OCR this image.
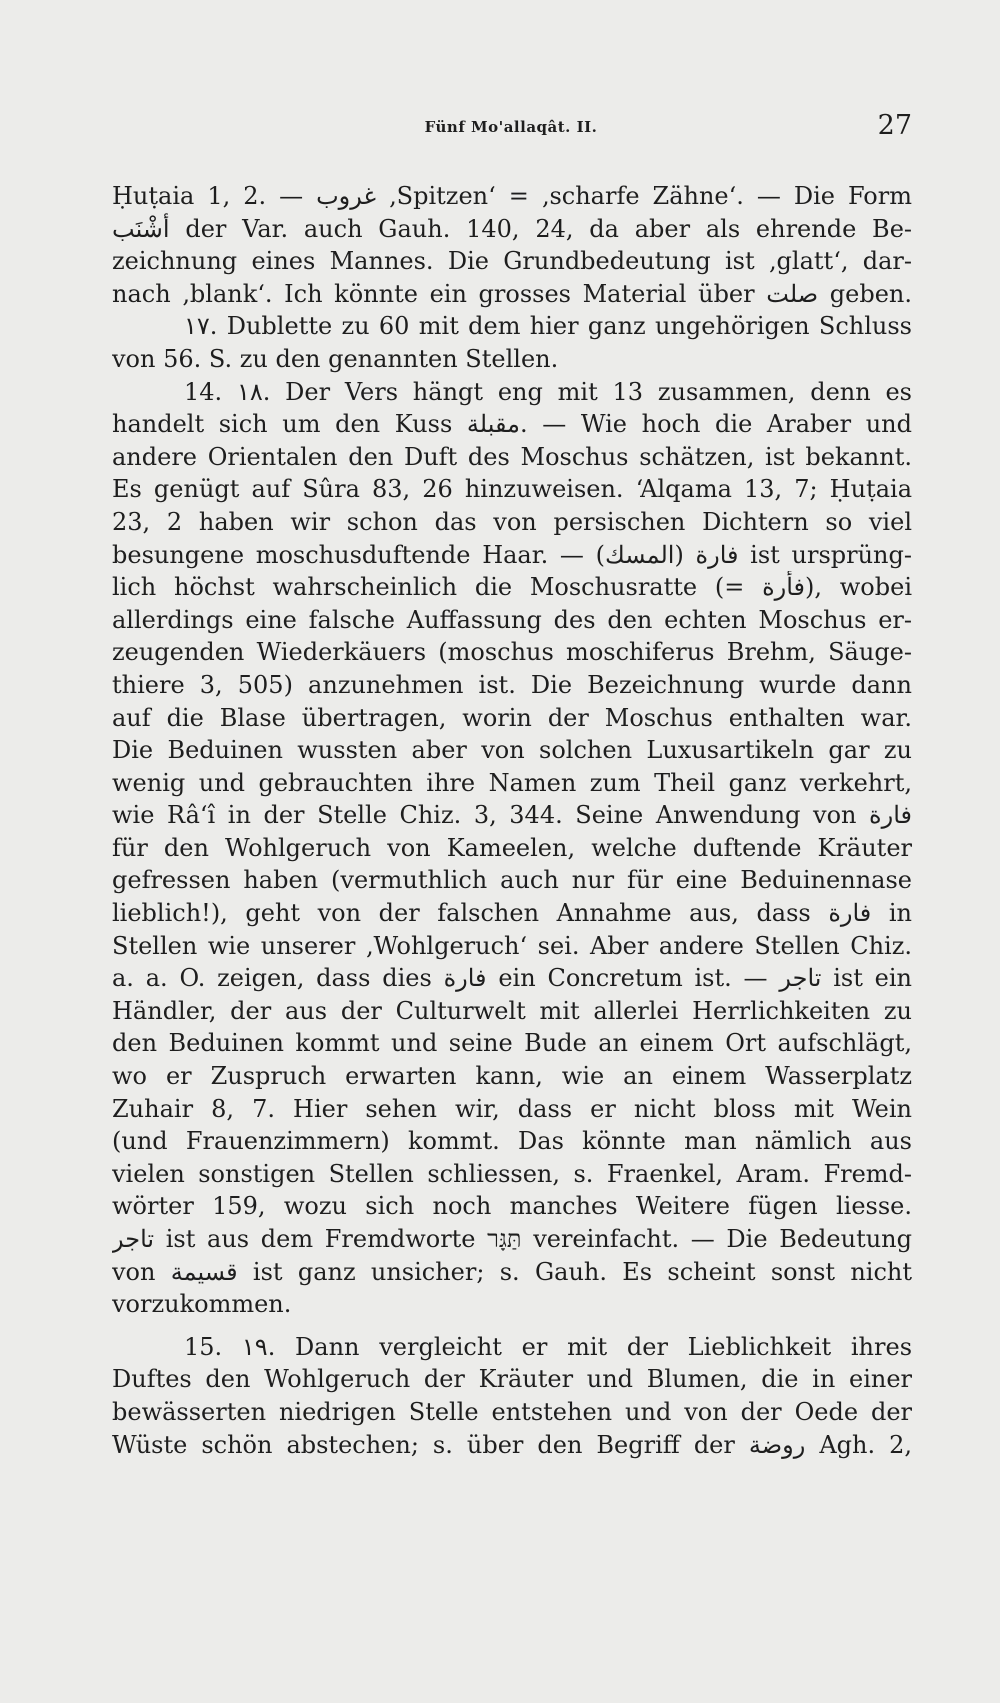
Fünf Mo'allaqât. II.	27
Ḥuṭaia 1, 2. — غروب ‚Spitzen‘ = ‚scharfe Zähne‘. — Die Form
أَشْنَب der Var. auch Gauh. 140, 24, da aber als ehrende Be-
zeichnung eines Mannes. Die Grundbedeutung ist ‚glatt‘, dar-
nach ‚blank‘. Ich könnte ein grosses Material über صلت geben.
١٧. Dublette zu 60 mit dem hier ganz ungehörigen Schluss
von 56. S. zu den genannten Stellen.
14. ١٨. Der Vers hängt eng mit 13 zusammen, denn es
handelt sich um den Kuss مقبلة. — Wie hoch die Araber und
andere Orientalen den Duft des Moschus schätzen, ist bekannt.
Es genügt auf Sûra 83, 26 hinzuweisen. ‘Alqama 13, 7; Ḥuṭaia
23, 2 haben wir schon das von persischen Dichtern so viel
besungene moschusduftende Haar. — (المسك) فارة ist ursprüng-
lich höchst wahrscheinlich die Moschusratte (= فأرة), wobei
allerdings eine falsche Auffassung des den echten Moschus er-
zeugenden Wiederkäuers (moschus moschiferus Brehm, Säuge-
thiere 3, 505) anzunehmen ist. Die Bezeichnung wurde dann
auf die Blase übertragen, worin der Moschus enthalten war.
Die Beduinen wussten aber von solchen Luxusartikeln gar zu
wenig und gebrauchten ihre Namen zum Theil ganz verkehrt,
wie Râ‘î in der Stelle Chiz. 3, 344. Seine Anwendung von فارة
für den Wohlgeruch von Kameelen, welche duftende Kräuter
gefressen haben (vermuthlich auch nur für eine Beduinennase
lieblich!), geht von der falschen Annahme aus, dass فارة in
Stellen wie unserer ‚Wohlgeruch‘ sei. Aber andere Stellen Chiz.
a. a. O. zeigen, dass dies فارة ein Concretum ist. — تاجر ist ein
Händler, der aus der Culturwelt mit allerlei Herrlichkeiten zu
den Beduinen kommt und seine Bude an einem Ort aufschlägt,
wo er Zuspruch erwarten kann, wie an einem Wasserplatz
Zuhair 8, 7. Hier sehen wir, dass er nicht bloss mit Wein
(und Frauenzimmern) kommt. Das könnte man nämlich aus
vielen sonstigen Stellen schliessen, s. Fraenkel, Aram. Fremd-
wörter 159, wozu sich noch manches Weitere fügen liesse.
تاجر ist aus dem Fremdworte תַּגָּר vereinfacht. — Die Bedeutung
von قسيمة ist ganz unsicher; s. Gauh. Es scheint sonst nicht
vorzukommen.
15. ١٩. Dann vergleicht er mit der Lieblichkeit ihres
Duftes den Wohlgeruch der Kräuter und Blumen, die in einer
bewässerten niedrigen Stelle entstehen und von der Oede der
Wüste schön abstechen; s. über den Begriff der روضة Agh. 2,
